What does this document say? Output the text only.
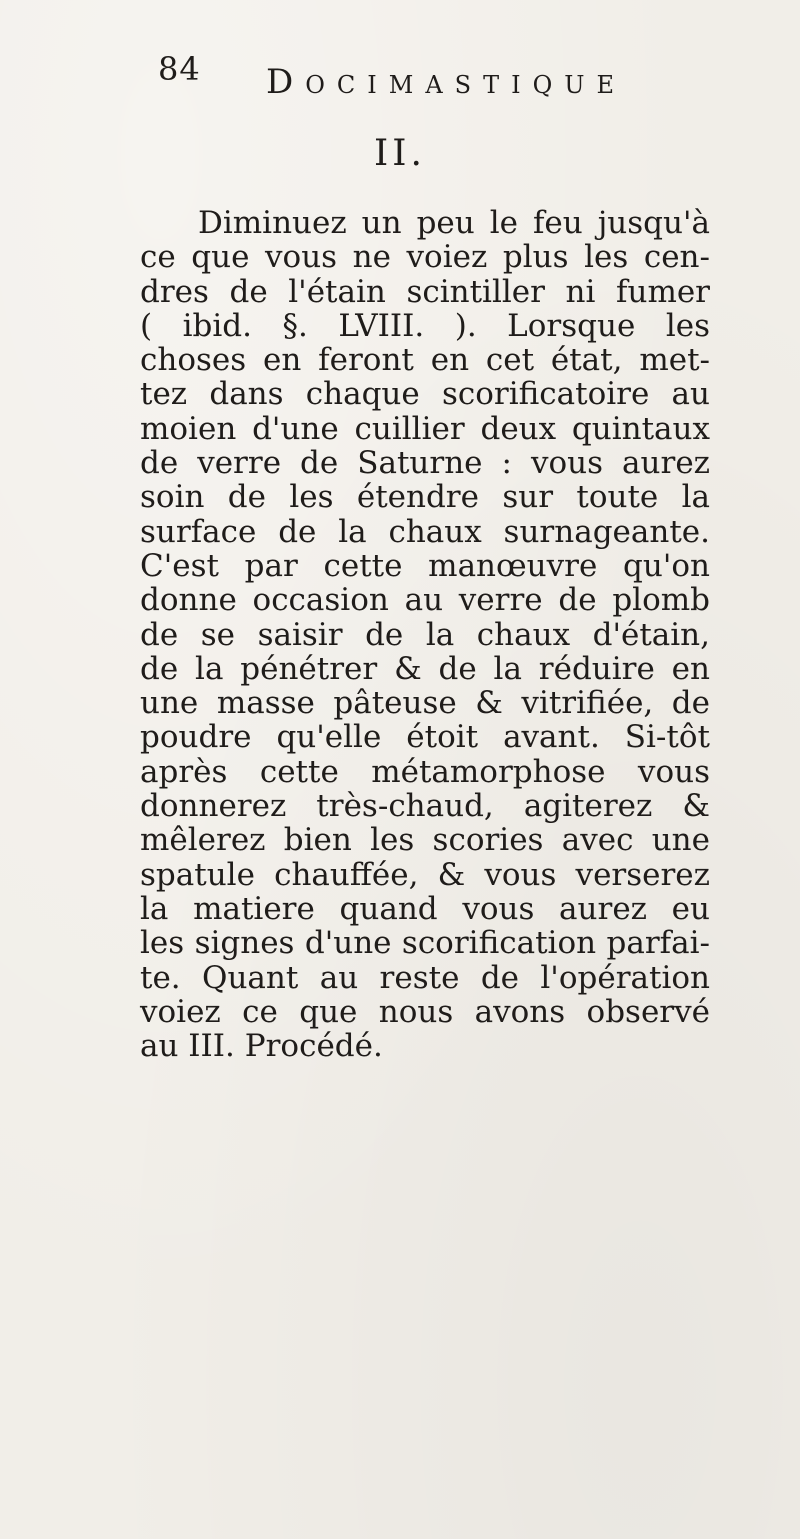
84 Docimastique
II.
Diminuez un peu le feu jusqu'à
ce que vous ne voiez plus les cen-
dres de l'étain scintiller ni fumer
( ibid. §. LVIII. ). Lorsque les
choses en feront en cet état, met-
tez dans chaque scorificatoire au
moien d'une cuillier deux quintaux
de verre de Saturne : vous aurez
soin de les étendre sur toute la
surface de la chaux surnageante.
C'est par cette manœuvre qu'on
donne occasion au verre de plomb
de se saisir de la chaux d'étain,
de la pénétrer & de la réduire en
une masse pâteuse & vitrifiée, de
poudre qu'elle étoit avant. Si-tôt
après cette métamorphose vous
donnerez très-chaud, agiterez &
mêlerez bien les scories avec une
spatule chauffée, & vous verserez
la matiere quand vous aurez eu
les signes d'une scorification parfai-
te. Quant au reste de l'opération
voiez ce que nous avons observé
au III. Procédé.
